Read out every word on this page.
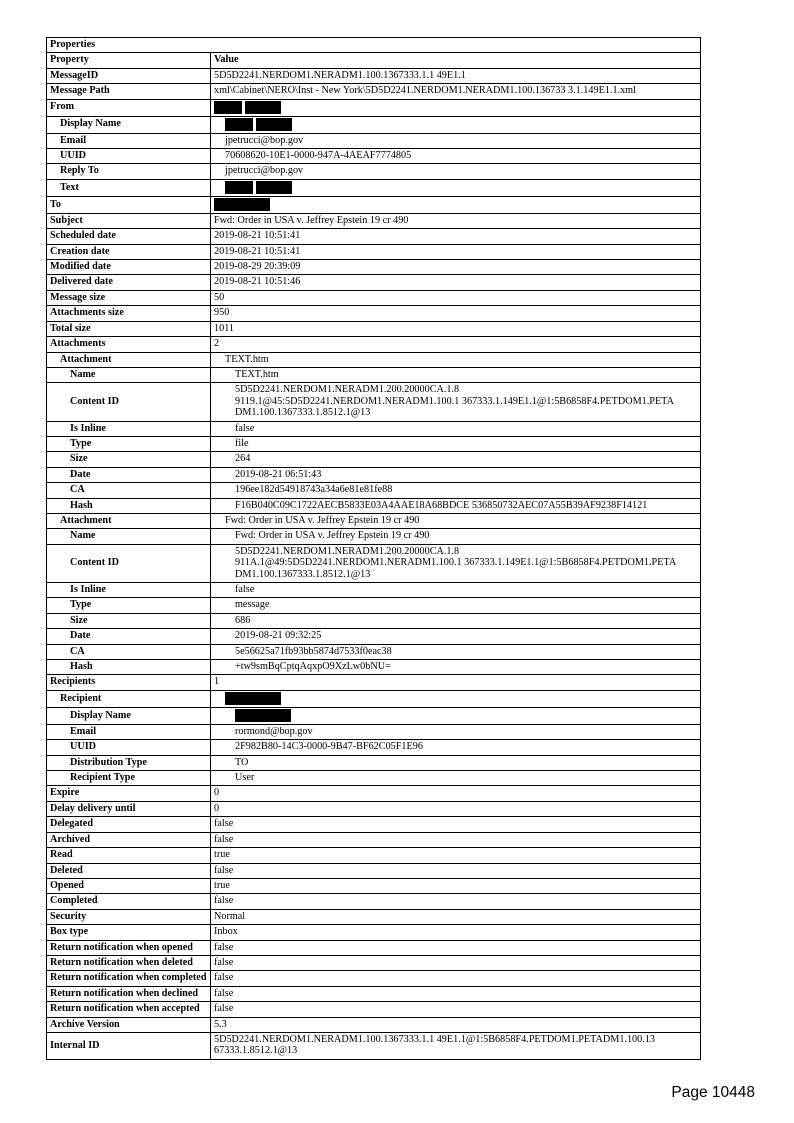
Properties	
Property	Value
MessageID	5D5D2241.NERDOM1.NERADM1.100.1367333.1.1 49E1.1
Message Path	xml\Cabinet\NERO\Inst - New York\5D5D2241.NERDOM1.NERADM1.100.136733 3.1.149E1.1.xml
From	
Display Name	
Email	jpetrucci@bop.gov
UUID	70608620-10E1-0000-947A-4AEAF7774805
Reply To	jpetrucci@bop.gov
Text	
To	
Subject	Fwd: Order in USA v. Jeffrey Epstein 19 cr 490
Scheduled date	2019-08-21 10:51:41
Creation date	2019-08-21 10:51:41
Modified date	2019-08-29 20:39:09
Delivered date	2019-08-21 10:51:46
Message size	50
Attachments size	950
Total size	1011
Attachments	2
Attachment	TEXT.htm
Name	TEXT.htm
Content ID	5D5D2241.NERDOM1.NERADM1.200.20000CA.1.8
9119.1@45:5D5D2241.NERDOM1.NERADM1.100.1 367333.1.149E1.1@1:5B6858F4.PETDOM1.PETA
DM1.100.1367333.1.8512.1@13
Is Inline	false
Type	file
Size	264
Date	2019-08-21 06:51:43
CA	196ee182d54918743a34a6e81e81fe88
Hash	F16B040C09C1722AECB5833E03A4AAE18A68BDCE 536850732AEC07A55B39AF9238F14121
Attachment	Fwd: Order in USA v. Jeffrey Epstein 19 cr 490
Name	Fwd: Order in USA v. Jeffrey Epstein 19 cr 490
Content ID	5D5D2241.NERDOM1.NERADM1.200.20000CA.1.8
911A.1@49:5D5D2241.NERDOM1.NERADM1.100.1 367333.1.149E1.1@1:5B6858F4.PETDOM1.PETA
DM1.100.1367333.1.8512.1@13
Is Inline	false
Type	message
Size	686
Date	2019-08-21 09:32:25
CA	5e56625a71fb93bb5874d7533f0eac38
Hash	+tw9smBqCptqAqxpO9XzLw0bNU=
Recipients	1
Recipient	
Display Name	
Email	rormond@bop.gov
UUID	2F982B80-14C3-0000-9B47-BF62C05F1E96
Distribution Type	TO
Recipient Type	User
Expire	0
Delay delivery until	0
Delegated	false
Archived	false
Read	true
Deleted	false
Opened	true
Completed	false
Security	Normal
Box type	Inbox
Return notification when opened	false
Return notification when deleted	false
Return notification when completed	false
Return notification when declined	false
Return notification when accepted	false
Archive Version	5.3
Internal ID	5D5D2241.NERDOM1.NERADM1.100.1367333.1.1 49E1.1@1:5B6858F4.PETDOM1.PETADM1.100.13
67333.1.8512.1@13
Page 10448
